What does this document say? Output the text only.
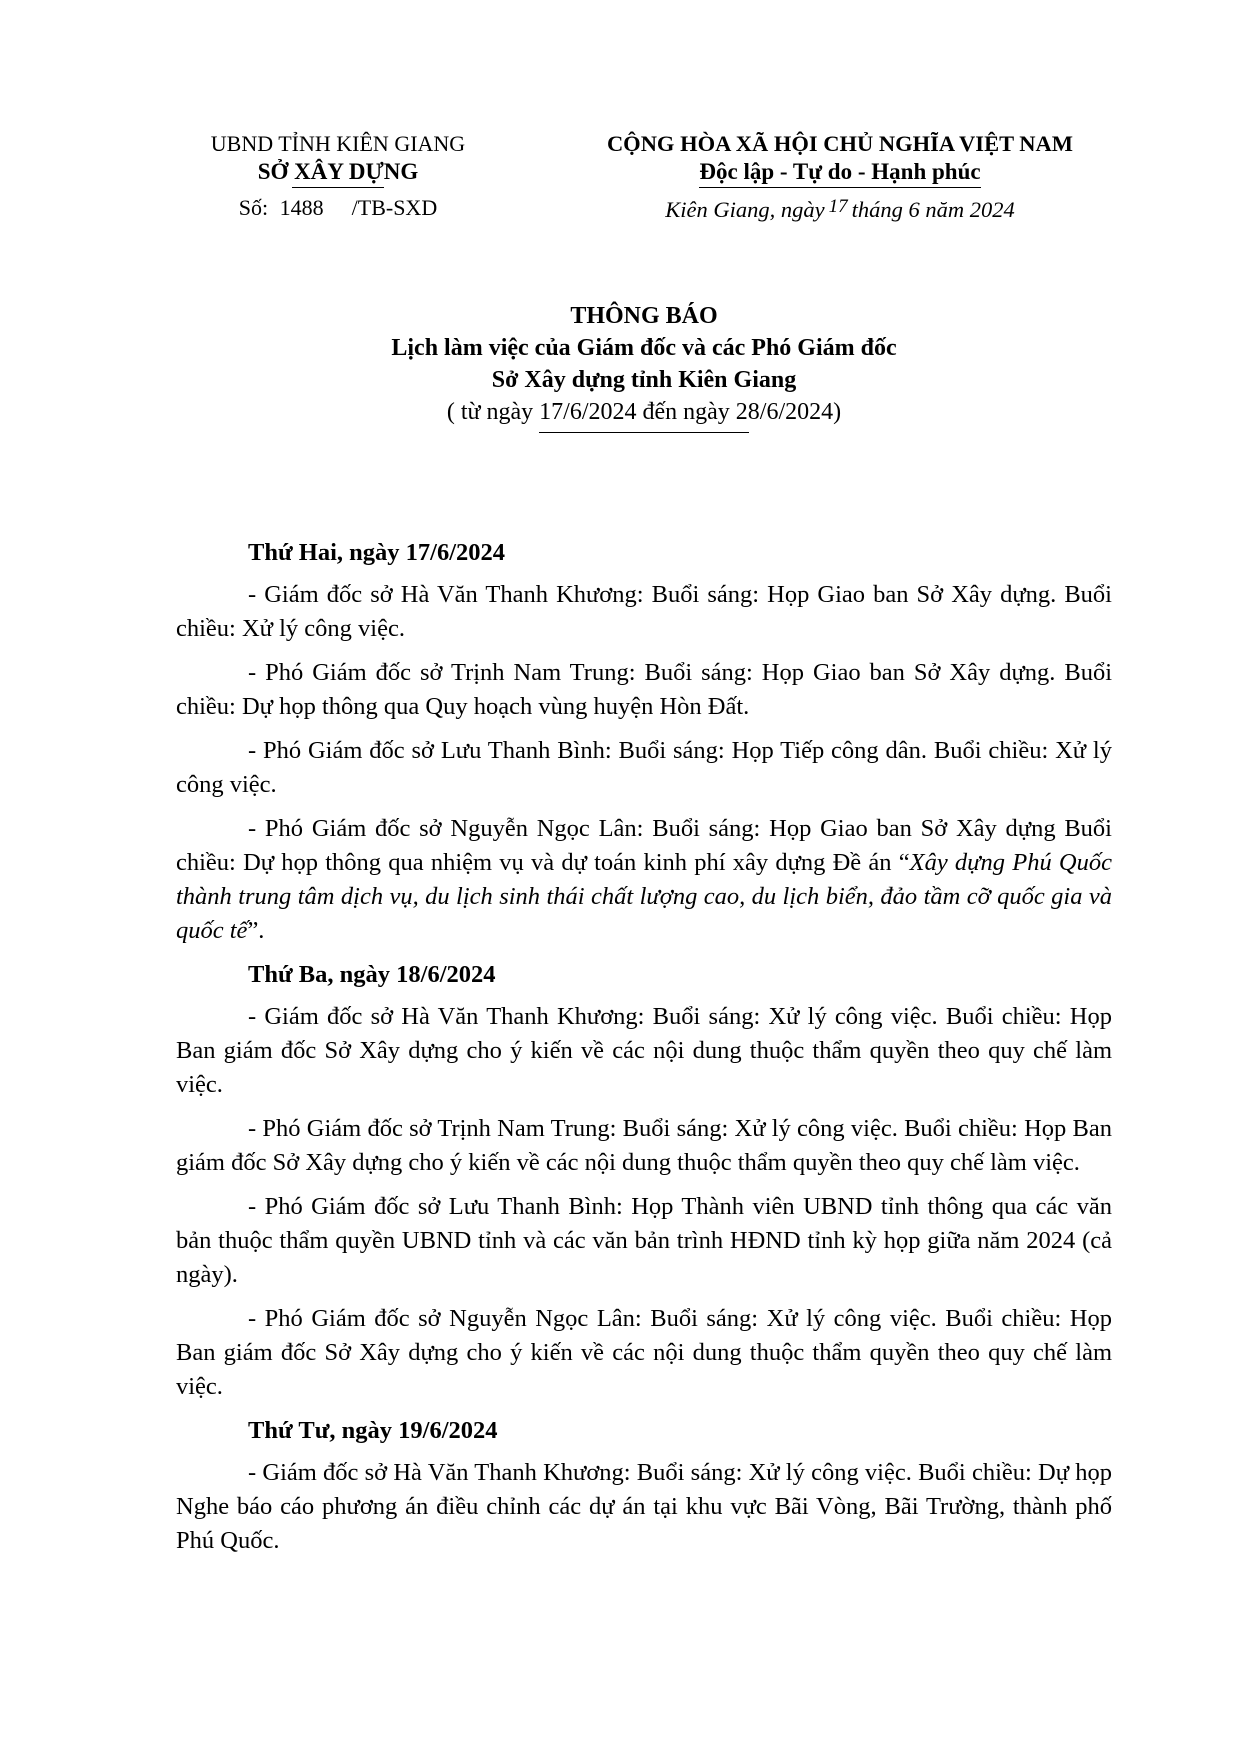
UBND TỈNH KIÊN GIANG
SỞ XÂY DỰNG
Số: 1488 /TB-SXD
CỘNG HÒA XÃ HỘI CHỦ NGHĨA VIỆT NAM
Độc lập - Tự do - Hạnh phúc
Kiên Giang, ngày $^{17}$ tháng 6 năm 2024
THÔNG BÁO
Lịch làm việc của Giám đốc và các Phó Giám đốc
Sở Xây dựng tỉnh Kiên Giang
( từ ngày 17/6/2024 đến ngày 28/6/2024)
Thứ Hai, ngày 17/6/2024

- Giám đốc sở Hà Văn Thanh Khương: Buổi sáng: Họp Giao ban Sở Xây dựng. Buổi chiều: Xử lý công việc.

- Phó Giám đốc sở Trịnh Nam Trung: Buổi sáng: Họp Giao ban Sở Xây dựng. Buổi chiều: Dự họp thông qua Quy hoạch vùng huyện Hòn Đất.

- Phó Giám đốc sở Lưu Thanh Bình: Buổi sáng: Họp Tiếp công dân. Buổi chiều: Xử lý công việc.

- Phó Giám đốc sở Nguyễn Ngọc Lân: Buổi sáng: Họp Giao ban Sở Xây dựng Buổi chiều: Dự họp thông qua nhiệm vụ và dự toán kinh phí xây dựng Đề án “Xây dựng Phú Quốc thành trung tâm dịch vụ, du lịch sinh thái chất lượng cao, du lịch biển, đảo tầm cỡ quốc gia và quốc tế”.

Thứ Ba, ngày 18/6/2024

- Giám đốc sở Hà Văn Thanh Khương: Buổi sáng: Xử lý công việc. Buổi chiều: Họp Ban giám đốc Sở Xây dựng cho ý kiến về các nội dung thuộc thẩm quyền theo quy chế làm việc.

- Phó Giám đốc sở Trịnh Nam Trung: Buổi sáng: Xử lý công việc. Buổi chiều: Họp Ban giám đốc Sở Xây dựng cho ý kiến về các nội dung thuộc thẩm quyền theo quy chế làm việc.

- Phó Giám đốc sở Lưu Thanh Bình: Họp Thành viên UBND tỉnh thông qua các văn bản thuộc thẩm quyền UBND tỉnh và các văn bản trình HĐND tỉnh kỳ họp giữa năm 2024 (cả ngày).

- Phó Giám đốc sở Nguyễn Ngọc Lân: Buổi sáng: Xử lý công việc. Buổi chiều: Họp Ban giám đốc Sở Xây dựng cho ý kiến về các nội dung thuộc thẩm quyền theo quy chế làm việc.

Thứ Tư, ngày 19/6/2024

- Giám đốc sở Hà Văn Thanh Khương: Buổi sáng: Xử lý công việc. Buổi chiều: Dự họp Nghe báo cáo phương án điều chỉnh các dự án tại khu vực Bãi Vòng, Bãi Trường, thành phố Phú Quốc.
